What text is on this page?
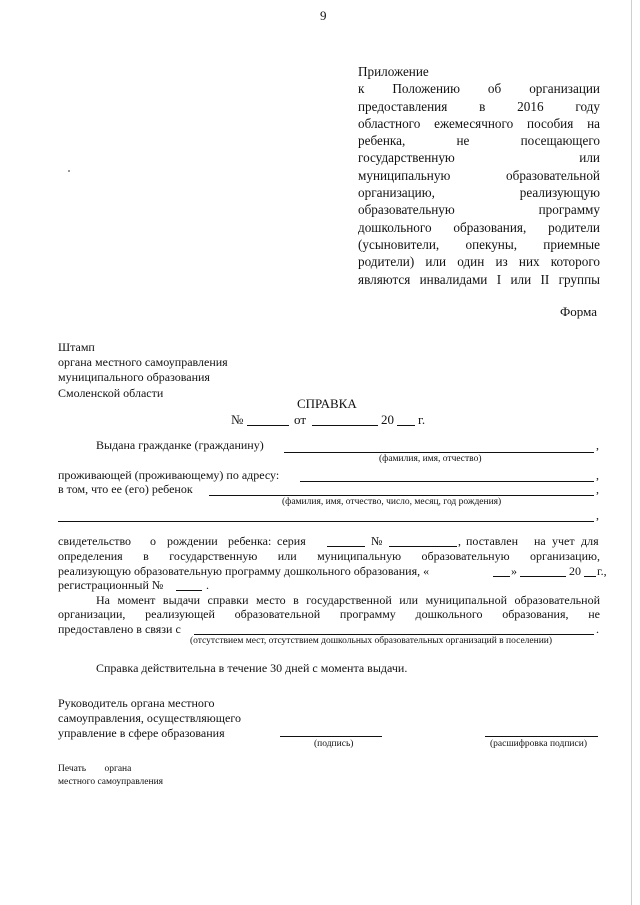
9
Приложение
к Положению об организации
предоставления в 2016 году
областного ежемесячного пособия на
ребенка, не посещающего
государственную или
муниципальную образовательной
организацию, реализующую
образовательную программу
дошкольного образования, родители
(усыновители, опекуны, приемные
родители) или один из них которого
являются инвалидами I или II группы
Форма
Штамп
органа местного самоуправления
муниципального образования
Смоленской области
СПРАВКА
№	от	20 г.
Выдана гражданке (гражданину)	,
(фамилия, имя, отчество)
проживающей (проживающему) по адресу:	,
в том, что ее (его) ребенок	,
(фамилия, имя, отчество, число, месяц, год рождения)
,
свидетельство о рождении ребенка: серия	№	, поставлен на учет для
определения в государственную или муниципальную образовательную организацию,
реализующую образовательную программу дошкольного образования, «	»	20 г.,
регистрационный №	.
На момент выдачи справки место в государственной или муниципальной образовательной
организации, реализующей образовательной программу дошкольного образования, не
предоставлено в связи с	.
(отсутствием мест, отсутствием дошкольных образовательных организаций в поселении)
Справка действительна в течение 30 дней с момента выдачи.
Руководитель органа местного
самоуправления, осуществляющего
управление в сфере образования
(подпись)	(расшифровка подписи)
Печать органа
местного самоуправления
